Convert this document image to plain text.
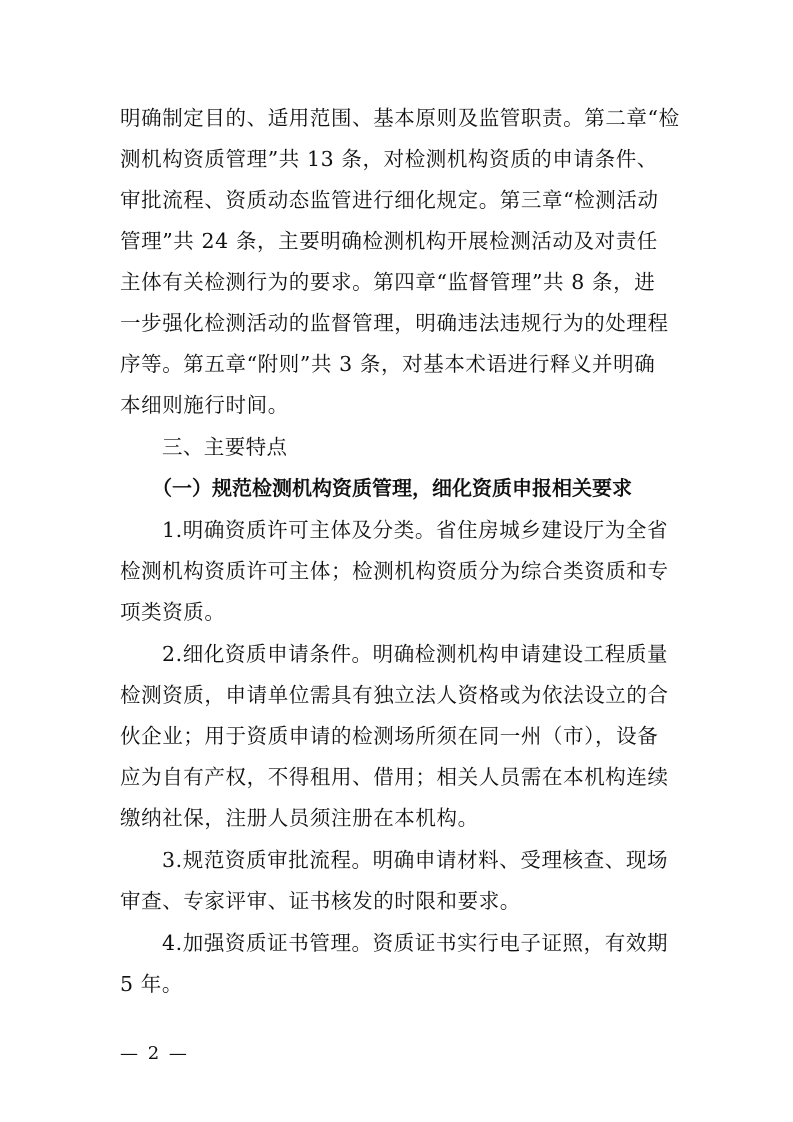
明确制定目的、适用范围、基本原则及监管职责。第二章“检
测机构资质管理”共 13 条，对检测机构资质的申请条件、
审批流程、资质动态监管进行细化规定。第三章“检测活动
管理”共 24 条，主要明确检测机构开展检测活动及对责任
主体有关检测行为的要求。第四章“监督管理”共 8 条，进
一步强化检测活动的监督管理，明确违法违规行为的处理程
序等。第五章“附则”共 3 条，对基本术语进行释义并明确
本细则施行时间。
三、主要特点
（一）规范检测机构资质管理，细化资质申报相关要求
1.明确资质许可主体及分类。省住房城乡建设厅为全省
检测机构资质许可主体；检测机构资质分为综合类资质和专
项类资质。
2.细化资质申请条件。明确检测机构申请建设工程质量
检测资质，申请单位需具有独立法人资格或为依法设立的合
伙企业；用于资质申请的检测场所须在同一州（市），设备
应为自有产权，不得租用、借用；相关人员需在本机构连续
缴纳社保，注册人员须注册在本机构。
3.规范资质审批流程。明确申请材料、受理核查、现场
审查、专家评审、证书核发的时限和要求。
4.加强资质证书管理。资质证书实行电子证照，有效期
5 年。
— 2 —
